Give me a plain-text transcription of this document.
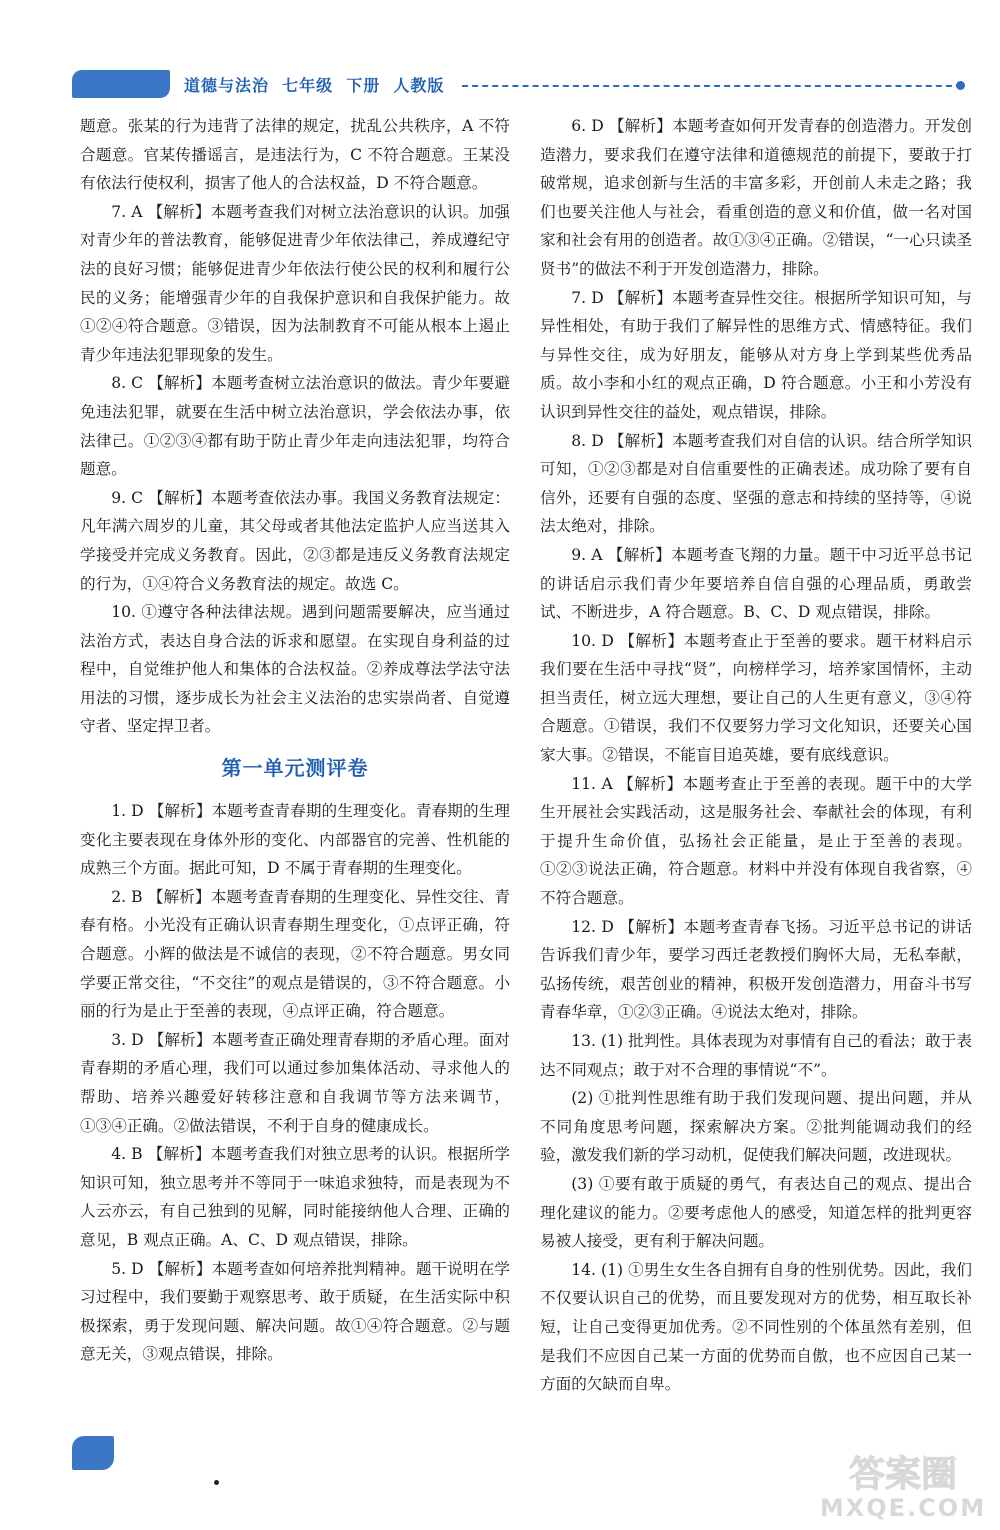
道德与法治  七年级  下册  人教版

题意。张某的行为违背了法律的规定，扰乱公共秩序，A 不符合题意。官某传播谣言，是违法行为，C 不符合题意。王某没有依法行使权利，损害了他人的合法权益，D 不符合题意。

7. A 【解析】本题考查我们对树立法治意识的认识。加强对青少年的普法教育，能够促进青少年依法律己，养成遵纪守法的良好习惯；能够促进青少年依法行使公民的权利和履行公民的义务；能增强青少年的自我保护意识和自我保护能力。故①②④符合题意。③错误，因为法制教育不可能从根本上遏止青少年违法犯罪现象的发生。

8. C 【解析】本题考查树立法治意识的做法。青少年要避免违法犯罪，就要在生活中树立法治意识，学会依法办事，依法律己。①②③④都有助于防止青少年走向违法犯罪，均符合题意。

9. C 【解析】本题考查依法办事。我国义务教育法规定：凡年满六周岁的儿童，其父母或者其他法定监护人应当送其入学接受并完成义务教育。因此，②③都是违反义务教育法规定的行为，①④符合义务教育法的规定。故选 C。

10. ①遵守各种法律法规。遇到问题需要解决，应当通过法治方式，表达自身合法的诉求和愿望。在实现自身利益的过程中，自觉维护他人和集体的合法权益。②养成尊法学法守法用法的习惯，逐步成长为社会主义法治的忠实崇尚者、自觉遵守者、坚定捍卫者。

第一单元测评卷

1. D 【解析】本题考查青春期的生理变化。青春期的生理变化主要表现在身体外形的变化、内部器官的完善、性机能的成熟三个方面。据此可知，D 不属于青春期的生理变化。

2. B 【解析】本题考查青春期的生理变化、异性交往、青春有格。小光没有正确认识青春期生理变化，①点评正确，符合题意。小辉的做法是不诚信的表现，②不符合题意。男女同学要正常交往，“不交往”的观点是错误的，③不符合题意。小丽的行为是止于至善的表现，④点评正确，符合题意。

3. D 【解析】本题考查正确处理青春期的矛盾心理。面对青春期的矛盾心理，我们可以通过参加集体活动、寻求他人的帮助、培养兴趣爱好转移注意和自我调节等方法来调节，①③④正确。②做法错误，不利于自身的健康成长。

4. B 【解析】本题考查我们对独立思考的认识。根据所学知识可知，独立思考并不等同于一味追求独特，而是表现为不人云亦云，有自己独到的见解，同时能接纳他人合理、正确的意见，B 观点正确。A、C、D 观点错误，排除。

5. D 【解析】本题考查如何培养批判精神。题干说明在学习过程中，我们要勤于观察思考、敢于质疑，在生活实际中积极探索，勇于发现问题、解决问题。故①④符合题意。②与题意无关，③观点错误，排除。

6. D 【解析】本题考查如何开发青春的创造潜力。开发创造潜力，要求我们在遵守法律和道德规范的前提下，要敢于打破常规，追求创新与生活的丰富多彩，开创前人未走之路；我们也要关注他人与社会，看重创造的意义和价值，做一名对国家和社会有用的创造者。故①③④正确。②错误，“一心只读圣贤书”的做法不利于开发创造潜力，排除。

7. D 【解析】本题考查异性交往。根据所学知识可知，与异性相处，有助于我们了解异性的思维方式、情感特征。我们与异性交往，成为好朋友，能够从对方身上学到某些优秀品质。故小李和小红的观点正确，D 符合题意。小王和小芳没有认识到异性交往的益处，观点错误，排除。

8. D 【解析】本题考查我们对自信的认识。结合所学知识可知，①②③都是对自信重要性的正确表述。成功除了要有自信外，还要有自强的态度、坚强的意志和持续的坚持等，④说法太绝对，排除。

9. A 【解析】本题考查飞翔的力量。题干中习近平总书记的讲话启示我们青少年要培养自信自强的心理品质，勇敢尝试、不断进步，A 符合题意。B、C、D 观点错误，排除。

10. D 【解析】本题考查止于至善的要求。题干材料启示我们要在生活中寻找“贤”，向榜样学习，培养家国情怀，主动担当责任，树立远大理想，要让自己的人生更有意义，③④符合题意。①错误，我们不仅要努力学习文化知识，还要关心国家大事。②错误，不能盲目追英雄，要有底线意识。

11. A 【解析】本题考查止于至善的表现。题干中的大学生开展社会实践活动，这是服务社会、奉献社会的体现，有利于提升生命价值，弘扬社会正能量，是止于至善的表现。①②③说法正确，符合题意。材料中并没有体现自我省察，④不符合题意。

12. D 【解析】本题考查青春飞扬。习近平总书记的讲话告诉我们青少年，要学习西迁老教授们胸怀大局，无私奉献，弘扬传统，艰苦创业的精神，积极开发创造潜力，用奋斗书写青春华章，①②③正确。④说法太绝对，排除。

13. (1) 批判性。具体表现为对事情有自己的看法；敢于表达不同观点；敢于对不合理的事情说“不”。

(2) ①批判性思维有助于我们发现问题、提出问题，并从不同角度思考问题，探索解决方案。②批判能调动我们的经验，激发我们新的学习动机，促使我们解决问题，改进现状。

(3) ①要有敢于质疑的勇气，有表达自己的观点、提出合理化建议的能力。②要考虑他人的感受，知道怎样的批判更容易被人接受，更有利于解决问题。

14. (1) ①男生女生各自拥有自身的性别优势。因此，我们不仅要认识自己的优势，而且要发现对方的优势，相互取长补短，让自己变得更加优秀。②不同性别的个体虽然有差别，但是我们不应因自己某一方面的优势而自傲，也不应因自己某一方面的欠缺而自卑。

答案圈
MXQE.COM
